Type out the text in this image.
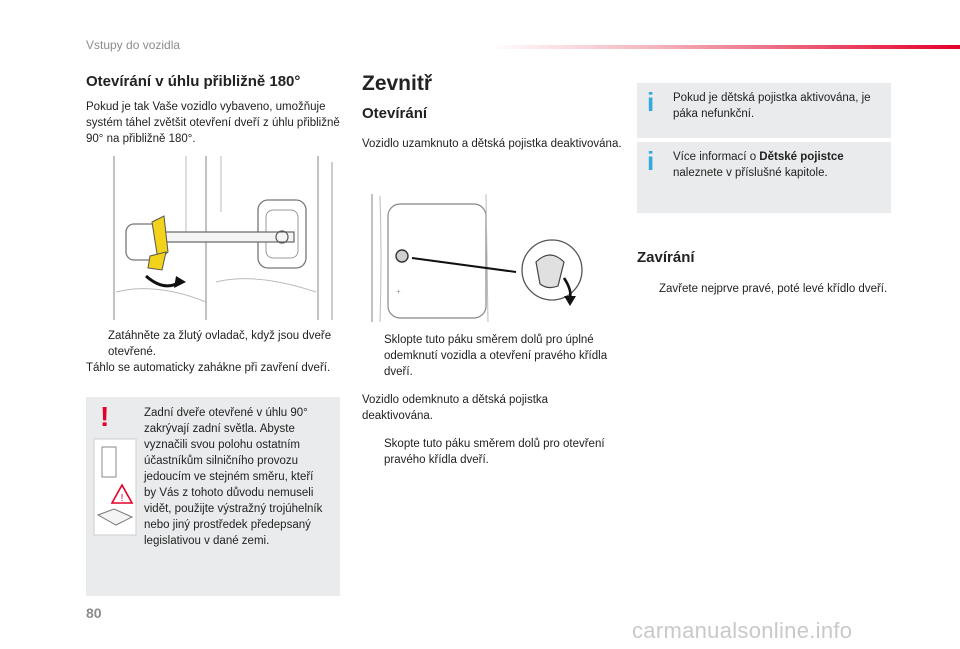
Vstupy do vozidla
Otevírání v úhlu přibližně 180°
Pokud je tak Vaše vozidlo vybaveno, umožňuje systém táhel zvětšit otevření dveří z úhlu přibližně 90° na přibližně 180°.
Zatáhněte za žlutý ovladač, když jsou dveře otevřené.
Táhlo se automaticky zahákne při zavření dveří.
!
!
Zadní dveře otevřené v úhlu 90° zakrývají zadní světla. Abyste vyznačili svou polohu ostatním účastníkům silničního provozu jedoucím ve stejném směru, kteří by Vás z tohoto důvodu nemuseli vidět, použijte výstražný trojúhelník nebo jiný prostředek předepsaný legislativou v dané zemi.
Zevnitř
Otevírání
Vozidlo uzamknuto a dětská pojistka deaktivována.
+
Sklopte tuto páku směrem dolů pro úplné odemknutí vozidla a otevření pravého křídla dveří.
Vozidlo odemknuto a dětská pojistka deaktivována.
Skopte tuto páku směrem dolů pro otevření pravého křídla dveří.
i Pokud je dětská pojistka aktivována, je páka nefunkční.
i Více informací o Dětské pojistce naleznete v příslušné kapitole.
Zavírání
Zavřete nejprve pravé, poté levé křídlo dveří.
80
carmanualsonline.info
